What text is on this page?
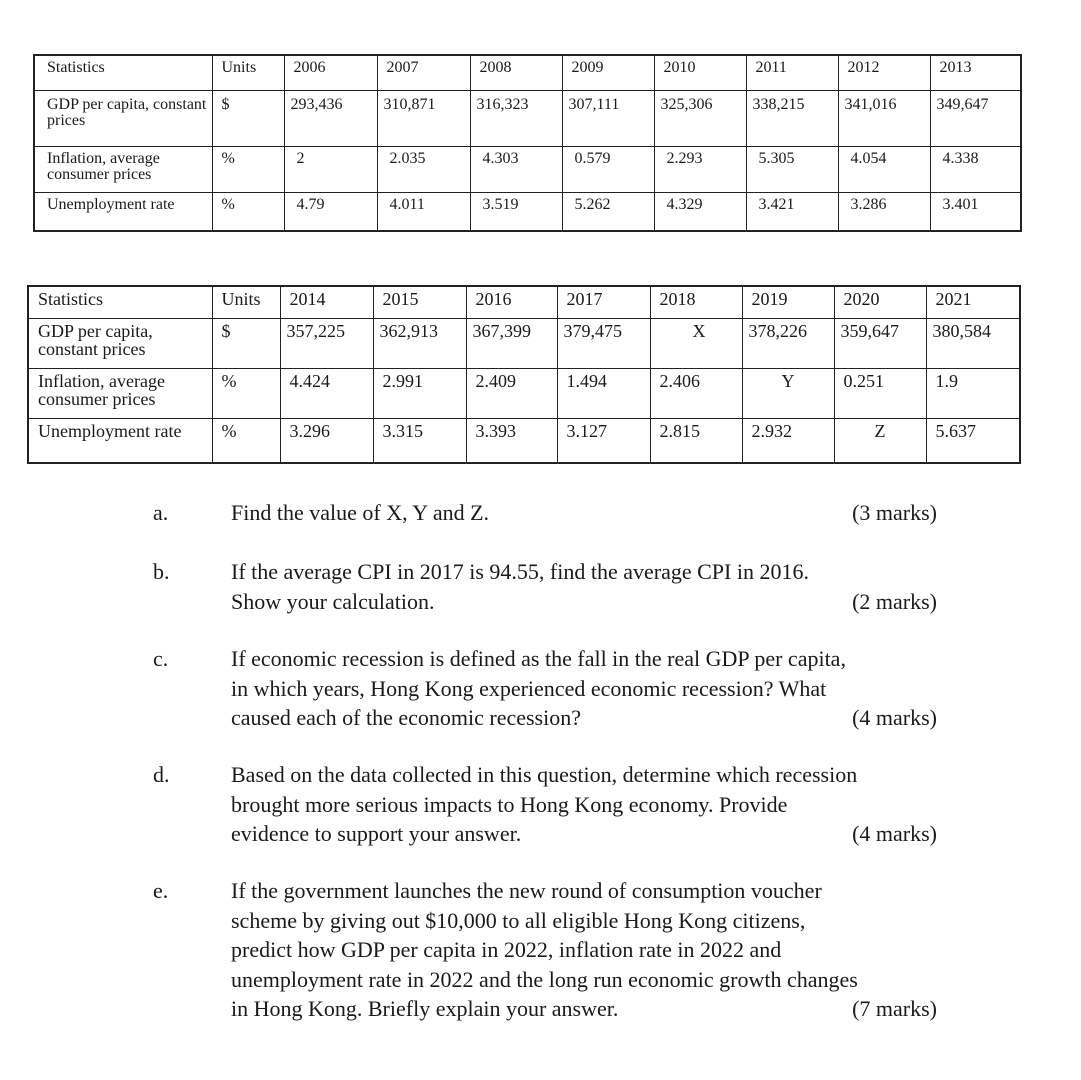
Statistics	Units	2006	2007	2008	2009	2010	2011	2012	2013
GDP per capita, constant prices	$	293,436	310,871	316,323	307,111	325,306	338,215	341,016	349,647
Inflation, average consumer prices	%	2	2.035	4.303	0.579	2.293	5.305	4.054	4.338
Unemployment rate	%	4.79	4.011	3.519	5.262	4.329	3.421	3.286	3.401
Statistics	Units	2014	2015	2016	2017	2018	2019	2020	2021
GDP per capita, constant prices	$	357,225	362,913	367,399	379,475	X	378,226	359,647	380,584
Inflation, average consumer prices	%	4.424	2.991	2.409	1.494	2.406	Y	0.251	1.9
Unemployment rate	%	3.296	3.315	3.393	3.127	2.815	2.932	Z	5.637
a.	Find the value of X, Y and Z.	(3 marks)
b.	If the average CPI in 2017 is 94.55, find the average CPI in 2016.
Show your calculation.	(2 marks)
c.	If economic recession is defined as the fall in the real GDP per capita,
in which years, Hong Kong experienced economic recession? What
caused each of the economic recession?	(4 marks)
d.	Based on the data collected in this question, determine which recession
brought more serious impacts to Hong Kong economy. Provide
evidence to support your answer.	(4 marks)
e.	If the government launches the new round of consumption voucher
scheme by giving out $10,000 to all eligible Hong Kong citizens,
predict how GDP per capita in 2022, inflation rate in 2022 and
unemployment rate in 2022 and the long run economic growth changes
in Hong Kong. Briefly explain your answer.	(7 marks)
